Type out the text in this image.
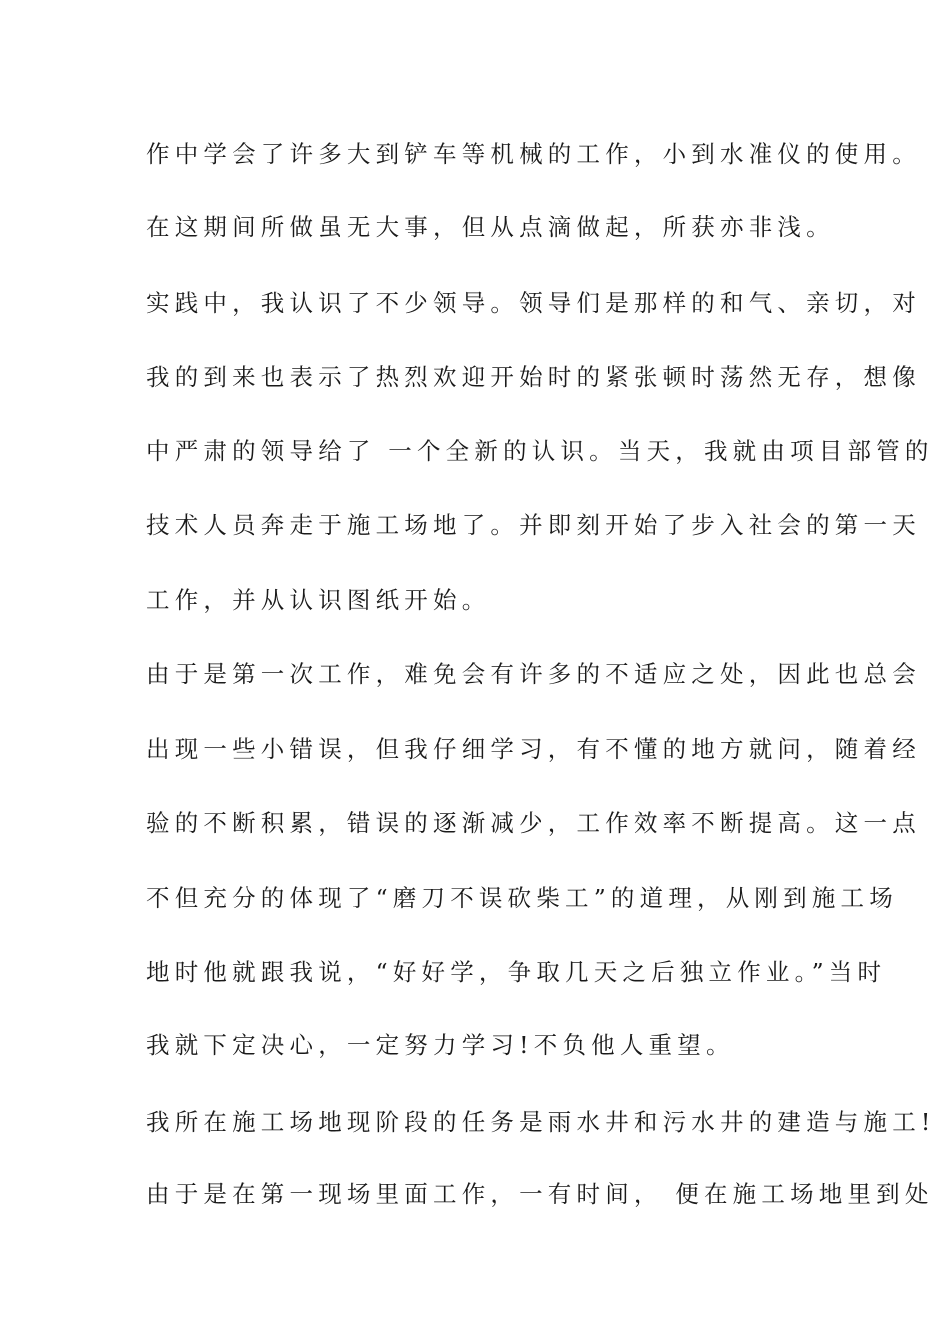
作中学会了许多大到铲车等机械的工作，小到水准仪的使用。
在这期间所做虽无大事，但从点滴做起，所获亦非浅。
实践中，我认识了不少领导。领导们是那样的和气、亲切，对
我的到来也表示了热烈欢迎开始时的紧张顿时荡然无存，想像
中严肃的领导给了 一个全新的认识。当天，我就由项目部管的
技术人员奔走于施工场地了。并即刻开始了步入社会的第一天
工作，并从认识图纸开始。
由于是第一次工作，难免会有许多的不适应之处，因此也总会
出现一些小错误，但我仔细学习，有不懂的地方就问，随着经
验的不断积累，错误的逐渐减少，工作效率不断提高。这一点
不但充分的体现了“磨刀不误砍柴工”的道理，从刚到施工场
地时他就跟我说，“好好学，争取几天之后独立作业。”当时
我就下定决心，一定努力学习!不负他人重望。
我所在施工场地现阶段的任务是雨水井和污水井的建造与施工!
由于是在第一现场里面工作，一有时间， 便在施工场地里到处
